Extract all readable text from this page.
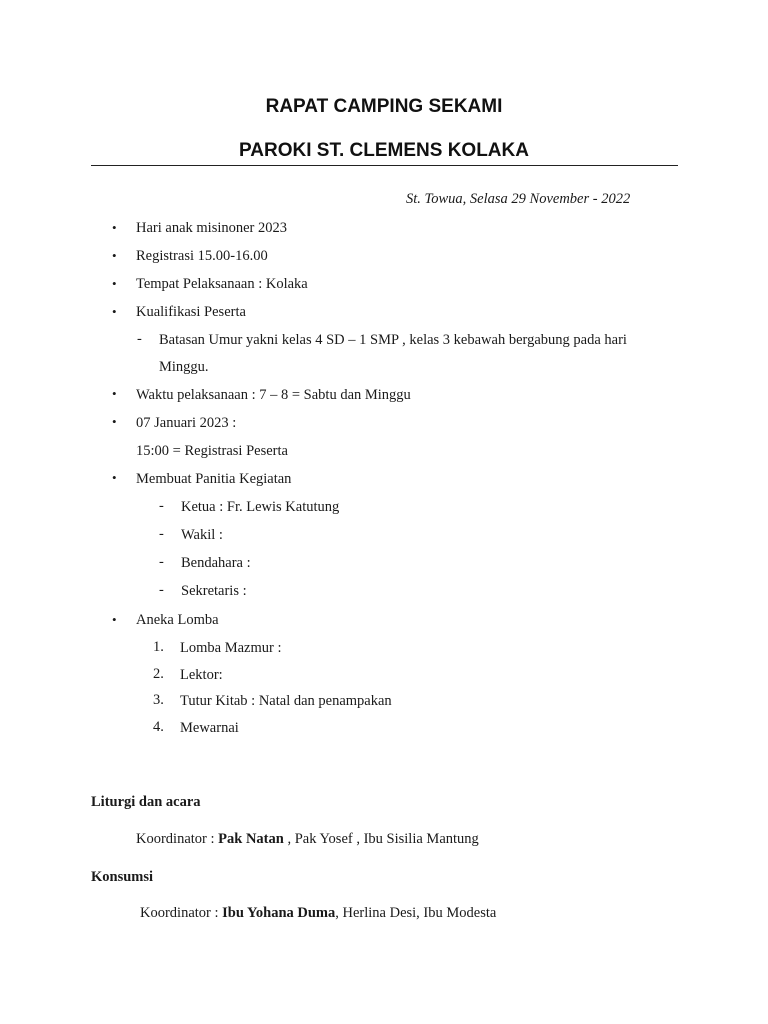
RAPAT CAMPING SEKAMI
PAROKI ST. CLEMENS KOLAKA
St. Towua, Selasa 29 November - 2022
• Hari anak misinoner 2023
• Registrasi 15.00-16.00
• Tempat Pelaksanaan : Kolaka
• Kualifikasi Peserta
- Batasan Umur yakni kelas 4 SD – 1 SMP , kelas 3 kebawah bergabung pada hari
Minggu.
• Waktu pelaksanaan : 7 – 8 = Sabtu dan Minggu
• 07 Januari 2023 :
15:00 = Registrasi Peserta
• Membuat Panitia Kegiatan
- Ketua : Fr. Lewis Katutung
- Wakil :
- Bendahara :
- Sekretaris :
• Aneka Lomba
1. Lomba Mazmur :
2. Lektor:
3. Tutur Kitab : Natal dan penampakan
4. Mewarnai
Liturgi dan acara
Koordinator : Pak Natan , Pak Yosef , Ibu Sisilia Mantung
Konsumsi
Koordinator : Ibu Yohana Duma, Herlina Desi, Ibu Modesta
